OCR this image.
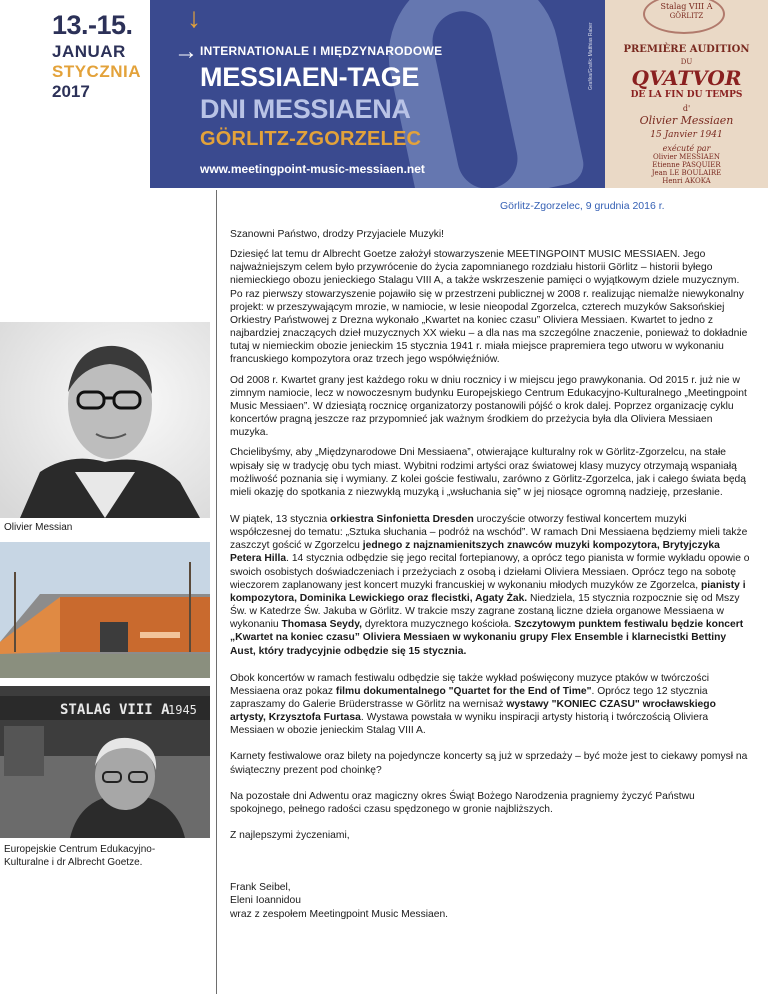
13.-15.
JANUAR
STYCZNIA
2017
↓
→ INTERNATIONALE I MIĘDZYNARODOWE
MESSIAEN-TAGE
DNI MESSIAENA
GÖRLITZ-ZGORZELEC
www.meetingpoint-music-messiaen.net
Grafika/Grafik: Matthias Raber
Stalag VIII A
GÖRLITZ
PREMIÈRE AUDITION
DU
QVATVOR
DE LA FIN DU TEMPS
d'
Olivier Messiaen
15 Janvier 1941
exécuté par
Olivier MESSIAEN
Etienne PASQUIER
Jean LE BOULAIRE
Henri AKOKA
Görlitz-Zgorzelec, 9 grudnia 2016 r.

Szanowni Państwo, drodzy Przyjaciele Muzyki!

Dziesięć lat temu dr Albrecht Goetze założył stowarzyszenie MEETINGPOINT MUSIC MESSIAEN. Jego najważniejszym celem było przywrócenie do życia zapomnianego rozdziału historii Görlitz – historii byłego niemieckiego obozu jenieckiego Stalagu VIII A, a także wskrzeszenie pamięci o wyjątkowym dziele muzycznym. Po raz pierwszy stowarzyszenie pojawiło się w przestrzeni publicznej w 2008 r. realizując niemalże niewykonalny projekt: w przeszywającym mrozie, w namiocie, w lesie nieopodal Zgorzelca, czterech muzyków Saksońskiej Orkiestry Państwowej z Drezna wykonało „Kwartet na koniec czasu” Oliviera Messiaen. Kwartet to jedno z najbardziej znaczących dzieł muzycznych XX wieku – a dla nas ma szczególne znaczenie, ponieważ to dokładnie tutaj w niemieckim obozie jenieckim 15 stycznia 1941 r. miała miejsce prapremiera tego utworu w wykonaniu francuskiego kompozytora oraz trzech jego współwięźniów.

Od 2008 r. Kwartet grany jest każdego roku w dniu rocznicy i w miejscu jego prawykonania. Od 2015 r. już nie w zimnym namiocie, lecz w nowoczesnym budynku Europejskiego Centrum Edukacyjno-Kulturalnego „Meetingpoint Music Messiaen”. W dziesiątą rocznicę organizatorzy postanowili pójść o krok dalej. Poprzez organizację cyklu koncertów pragną jeszcze raz przypomnieć jak ważnym środkiem do przeżycia była dla Oliviera Messiaen muzyka.

Chcielibyśmy, aby „Międzynarodowe Dni Messiaena”, otwierające kulturalny rok w Görlitz-Zgorzelcu, na stałe wpisały się w tradycję obu tych miast. Wybitni rodzimi artyści oraz światowej klasy muzycy otrzymają wspaniałą możliwość poznania się i wymiany. Z kolei goście festiwalu, zarówno z Görlitz-Zgorzelca, jak i całego świata będą mieli okazję do spotkania z niezwykłą muzyką i „wsłuchania się” w jej niosące ogromną nadzieję, przesłanie.

W piątek, 13 stycznia orkiestra Sinfonietta Dresden uroczyście otworzy festiwal koncertem muzyki współczesnej do tematu: „Sztuka słuchania – podróż na wschód”. W ramach Dni Messiaena będziemy mieli także zaszczyt gościć w Zgorzelcu jednego z najznamienitszych znawców muzyki kompozytora, Brytyjczyka Petera Hilla. 14 stycznia odbędzie się jego recital fortepianowy, a oprócz tego pianista w formie wykładu opowie o swoich osobistych doświadczeniach i przeżyciach z osobą i dziełami Oliviera Messiaen. Oprócz tego na sobotę wieczorem zaplanowany jest koncert muzyki francuskiej w wykonaniu młodych muzyków ze Zgorzelca, pianisty i kompozytora, Dominika Lewickiego oraz flecistki, Agaty Żak. Niedziela, 15 stycznia rozpocznie się od Mszy Św. w Katedrze Św. Jakuba w Görlitz. W trakcie mszy zagrane zostaną liczne dzieła organowe Messiaena w wykonaniu Thomasa Seydy, dyrektora muzycznego kościoła. Szczytowym punktem festiwalu będzie koncert „Kwartet na koniec czasu” Oliviera Messiaen w wykonaniu grupy Flex Ensemble i klarnecistki Bettiny Aust, który tradycyjnie odbędzie się 15 stycznia.

Obok koncertów w ramach festiwalu odbędzie się także wykład poświęcony muzyce ptaków w twórczości Messiaena oraz pokaz filmu dokumentalnego "Quartet for the End of Time". Oprócz tego 12 stycznia zapraszamy do Galerie Brüderstrasse w Görlitz na wernisaż wystawy "KONIEC CZASU" wrocławskiego artysty, Krzysztofa Furtasa. Wystawa powstała w wyniku inspiracji artysty historią i twórczością Oliviera Messiaen w obozie jenieckim Stalag VIII A.

Karnety festiwalowe oraz bilety na pojedyncze koncerty są już w sprzedaży – być może jest to ciekawy pomysł na świąteczny prezent pod choinkę?

Na pozostałe dni Adwentu oraz magiczny okres Świąt Bożego Narodzenia pragniemy życzyć Państwu spokojnego, pełnego radości czasu spędzonego w gronie najbliższych.

Z najlepszymi życzeniami,

Frank Seibel,

Eleni Ioannidou

wraz z zespołem Meetingpoint Music Messiaen.

Olivier Messian
STALAG VIII A
1945
Europejskie Centrum Edukacyjno-
Kulturalne i dr Albrecht Goetze.
